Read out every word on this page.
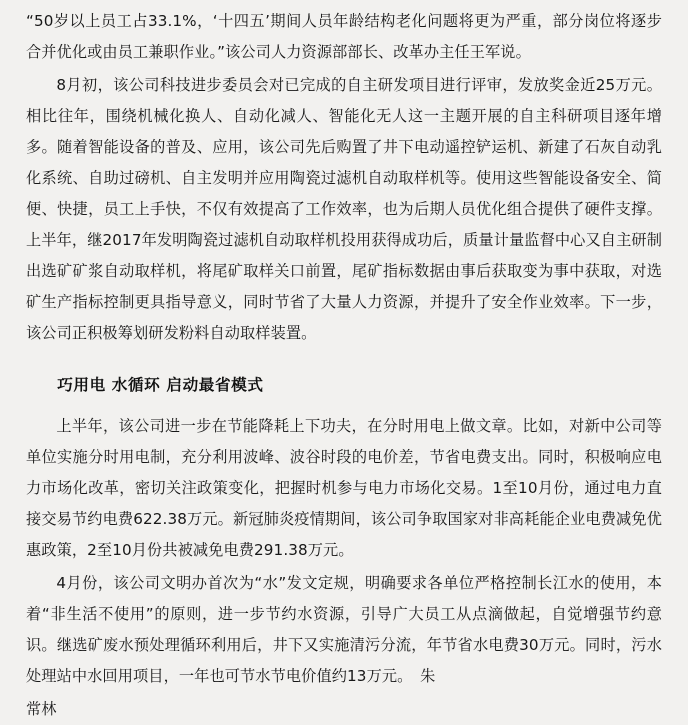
“50岁以上员工占33.1%，‘十四五’期间人员年龄结构老化问题将更为严重，部分岗位将逐步合并优化或由员工兼职作业。”该公司人力资源部部长、改革办主任王军说。

8月初，该公司科技进步委员会对已完成的自主研发项目进行评审，发放奖金近25万元。相比往年，围绕机械化换人、自动化减人、智能化无人这一主题开展的自主科研项目逐年增多。随着智能设备的普及、应用，该公司先后购置了井下电动遥控铲运机、新建了石灰自动乳化系统、自助过磅机、自主发明并应用陶瓷过滤机自动取样机等。使用这些智能设备安全、简便、快捷，员工上手快，不仅有效提高了工作效率，也为后期人员优化组合提供了硬件支撑。上半年，继2017年发明陶瓷过滤机自动取样机投用获得成功后，质量计量监督中心又自主研制出选矿矿浆自动取样机，将尾矿取样关口前置，尾矿指标数据由事后获取变为事中获取，对选矿生产指标控制更具指导意义，同时节省了大量人力资源，并提升了安全作业效率。下一步，该公司正积极筹划研发粉料自动取样装置。

巧用电 水循环 启动最省模式

上半年，该公司进一步在节能降耗上下功夫，在分时用电上做文章。比如，对新中公司等单位实施分时用电制，充分利用波峰、波谷时段的电价差，节省电费支出。同时，积极响应电力市场化改革，密切关注政策变化，把握时机参与电力市场化交易。1至10月份，通过电力直接交易节约电费622.38万元。新冠肺炎疫情期间，该公司争取国家对非高耗能企业电费减免优惠政策，2至10月份共被减免电费291.38万元。

4月份，该公司文明办首次为“水”发文定规，明确要求各单位严格控制长江水的使用，本着“非生活不使用”的原则，进一步节约水资源，引导广大员工从点滴做起，自觉增强节约意识。继选矿废水预处理循环利用后，井下又实施清污分流，年节省水电费30万元。同时，污水处理站中水回用项目，一年也可节水节电价值约13万元。　朱

常林
